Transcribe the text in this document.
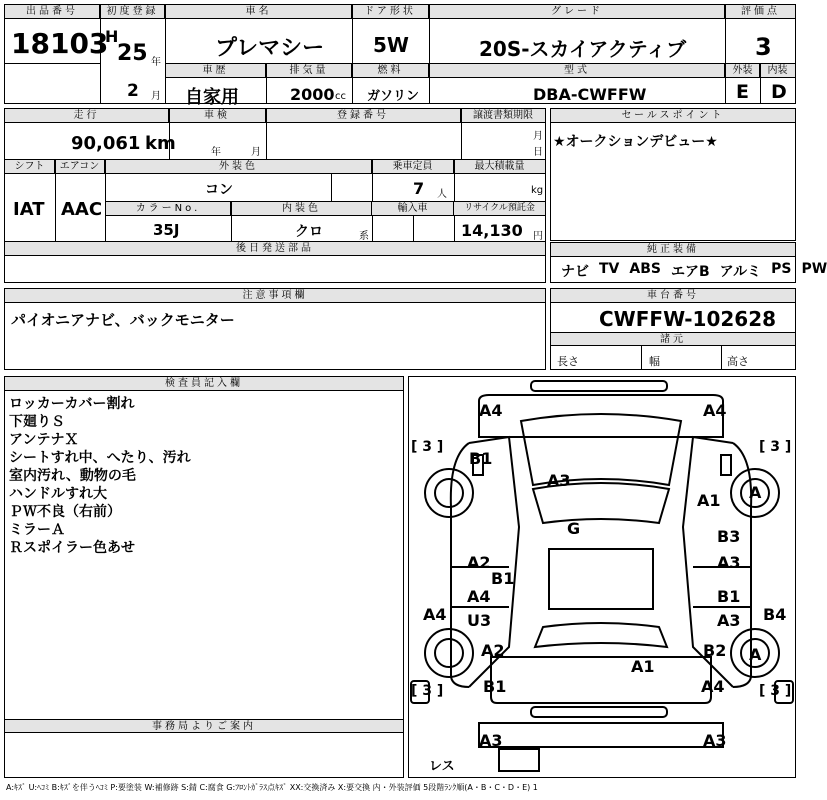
出品番号
18103
初度登録
H
25 年
2 月
車名
プレマシー
ドア形状
5W
グレード
20S-スカイアクティブ
評価点
3
車歴
自家用
排気量
2000 cc
燃料
ガソリン
型式
DBA-CWFFW
外装	内装
E D
走行
90,061 km
車検
年	月
登録番号	譲渡書類期限
月
日
シフト	エアコン
IAT AAC
外装色
コン
乗車定員
7 人
最大積載量
kg
カラーNo.
35J
内装色
クロ	系
輸入車	リサイクル預託金
14,130 円
後日発送部品
セールスポイント
★オークションデビュー★
純正装備
ナビ TV ABS エアB アルミ PS PW
注意事項欄
パイオニアナビ、バックモニター
車台番号
CWFFW-102628
諸元
長さ	幅	高さ
検査員記入欄
ロッカーカバー割れ
下廻りＳ
アンテナＸ
シートすれ中、へたり、汚れ
室内汚れ、動物の毛
ハンドルすれ大
ＰＷ不良（右前）
ミラーＡ
Ｒスポイラー色あせ
事務局よりご案内
A4	A4
B1
A3
A1 A
G	B3
A3
A2
B1
A4
U3
B1
A3 B4
A2	B2 A
A1
B1	A4
A3	A3
A4
[ 3 ]	[ 3 ]
[ 3 ]	[ 3 ]
レス
A:ｷｽﾞ U:ﾍｺﾐ B:ｷｽﾞを伴うﾍｺﾐ P:要塗装 W:補修跡 S:錆 C:腐食 G:ﾌﾛﾝﾄｶﾞﾗｽ点ｷｽﾞ XX:交換済み X:要交換 内・外装評価 5段階ﾗﾝｸ順(A・B・C・D・E) 1
